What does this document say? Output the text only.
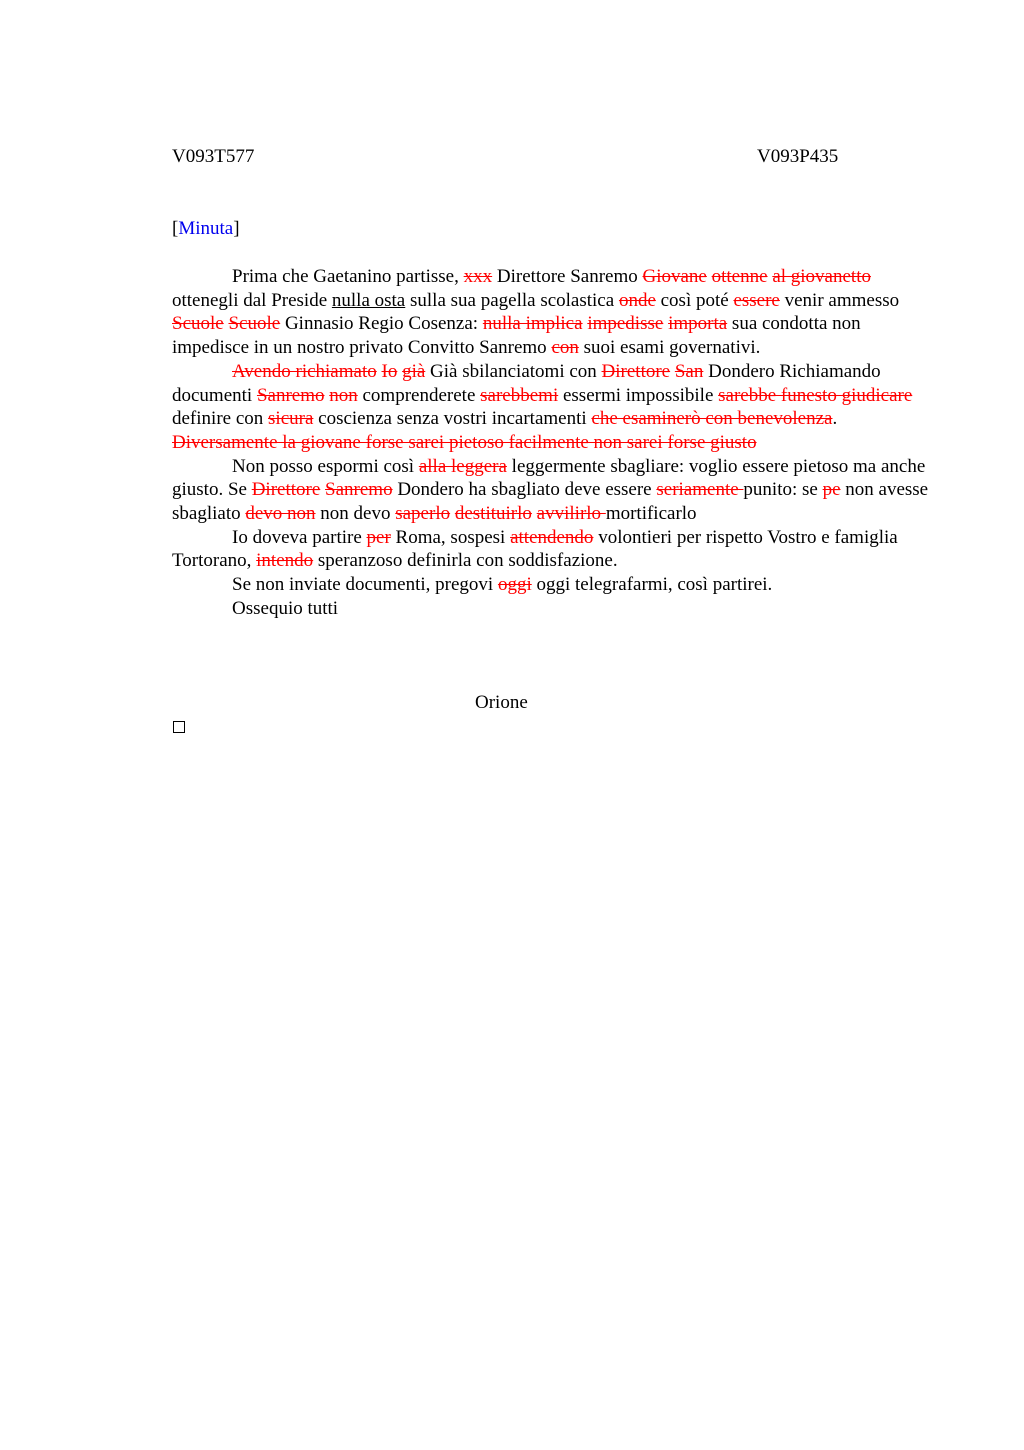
V093T577	V093P435
[Minuta]

Prima che Gaetanino partisse, xxx Direttore Sanremo Giovane ottenne al giovanetto ottenegli dal Preside nulla osta sulla sua pagella scolastica onde così poté essere venir ammesso Scuole Scuole Ginnasio Regio Cosenza: nulla implica impedisse importa sua condotta non impedisce in un nostro privato Convitto Sanremo con suoi esami governativi.

Avendo richiamato Io già Già sbilanciatomi con Direttore San Dondero Richiamando documenti Sanremo non comprenderete sarebbemi essermi impossibile sarebbe funesto giudicare definire con sicura coscienza senza vostri incartamenti che esaminerò con benevolenza. Diversamente la giovane forse sarei pietoso facilmente non sarei forse giusto

Non posso espormi così alla leggera leggermente sbagliare: voglio essere pietoso ma anche giusto. Se Direttore Sanremo Dondero ha sbagliato deve essere seriamente punito: se pe non avesse sbagliato devo non non devo saperlo destituirlo avvilirlo mortificarlo

Io doveva partire per Roma, sospesi attendendo volontieri per rispetto Vostro e famiglia Tortorano, intendo speranzoso definirla con soddisfazione.

Se non inviate documenti, pregovi oggi oggi telegrafarmi, così partirei.

Ossequio tutti

Orione
